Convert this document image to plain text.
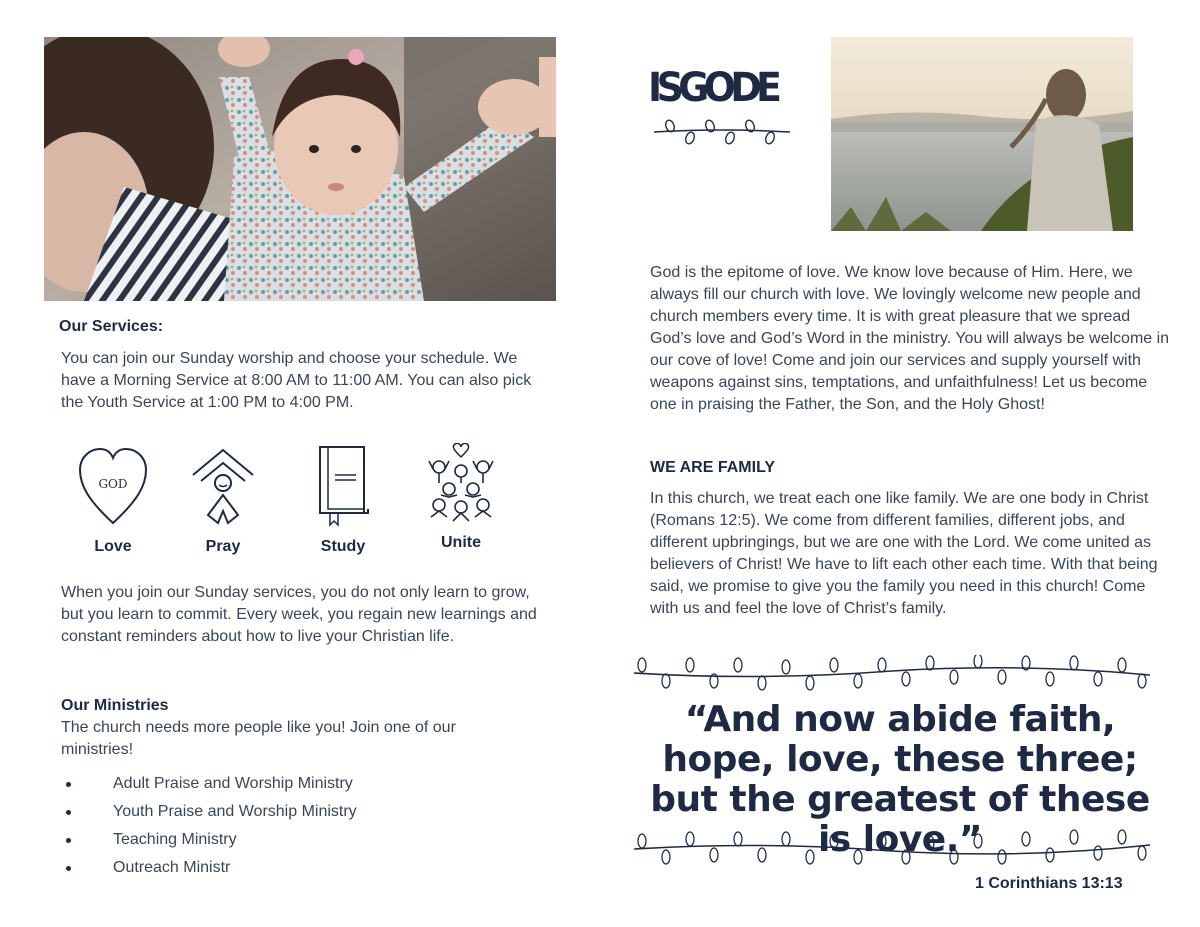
ISGODE
Our Services:
You can join our Sunday worship and choose your schedule. We have a Morning Service at 8:00 AM to 11:00 AM. You can also pick the Youth Service at 1:00 PM to 4:00 PM.
GOD
Love	Pray	Study	Unite
When you join our Sunday services, you do not only learn to grow, but you learn to commit. Every week, you regain new learnings and constant reminders about how to live your Christian life.
Our Ministries
The church needs more people like you! Join one of our ministries!
Adult Praise and Worship Ministry
Youth Praise and Worship Ministry
Teaching Ministry
Outreach Ministr
God is the epitome of love. We know love because of Him. Here, we always fill our church with love. We lovingly welcome new people and church members every time. It is with great pleasure that we spread God’s love and God’s Word in the ministry. You will always be welcome in our cove of love! Come and join our services and supply yourself with weapons against sins, temptations, and unfaithfulness! Let us become one in praising the Father, the Son, and the Holy Ghost!
WE ARE FAMILY
In this church, we treat each one like family. We are one body in Christ (Romans 12:5). We come from different families, different jobs, and different upbringings, but we are one with the Lord. We come united as believers of Christ! We have to lift each other each time. With that being said, we promise to give you the family you need in this church! Come with us and feel the love of Christ’s family.
“And now abide faith, hope, love, these three; but the greatest of these is love.”
1 Corinthians 13:13
